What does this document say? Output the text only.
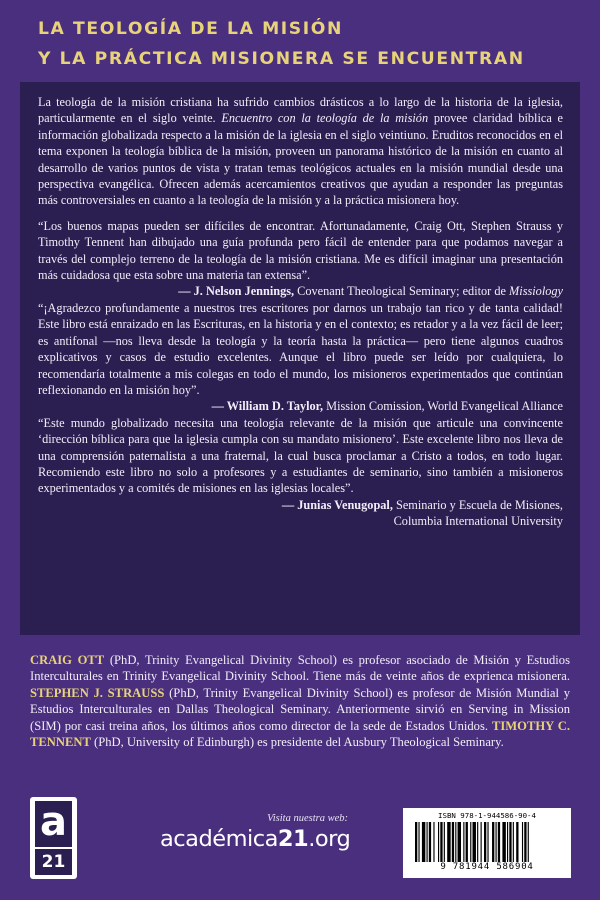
LA TEOLOGÍA DE LA MISIÓN
Y LA PRÁCTICA MISIONERA SE ENCUENTRAN

La teología de la misión cristiana ha sufrido cambios drásticos a lo largo de la historia de la iglesia, particularmente en el siglo veinte. Encuentro con la teología de la misión provee claridad bíblica e información globalizada respecto a la misión de la iglesia en el siglo veintiuno. Eruditos reconocidos en el tema exponen la teología bíblica de la misión, proveen un panorama histórico de la misión en cuanto al desarrollo de varios puntos de vista y tratan temas teológicos actuales en la misión mundial desde una perspectiva evangélica. Ofrecen además acercamientos creativos que ayudan a responder las preguntas más controversiales en cuanto a la teología de la misión y a la práctica misionera hoy.

“Los buenos mapas pueden ser difíciles de encontrar. Afortunadamente, Craig Ott, Stephen Strauss y Timothy Tennent han dibujado una guía profunda pero fácil de entender para que podamos navegar a través del complejo terreno de la teología de la misión cristiana. Me es difícil imaginar una presentación más cuidadosa que esta sobre una materia tan extensa”.

— J. Nelson Jennings, Covenant Theological Seminary; editor de Missiology

“¡Agradezco profundamente a nuestros tres escritores por darnos un trabajo tan rico y de tanta calidad! Este libro está enraizado en las Escrituras, en la historia y en el contexto; es retador y a la vez fácil de leer; es antifonal —nos lleva desde la teología y la teoría hasta la práctica— pero tiene algunos cuadros explicativos y casos de estudio excelentes. Aunque el libro puede ser leído por cualquiera, lo recomendaría totalmente a mis colegas en todo el mundo, los misioneros experimentados que continúan reflexionando en la misión hoy”.

— William D. Taylor, Mission Comission, World Evangelical Alliance

“Este mundo globalizado necesita una teología relevante de la misión que articule una convincente ‘dirección bíblica para que la iglesia cumpla con su mandato misionero’. Este excelente libro nos lleva de una comprensión paternalista a una fraternal, la cual busca proclamar a Cristo a todos, en todo lugar. Recomiendo este libro no solo a profesores y a estudiantes de seminario, sino también a misioneros experimentados y a comités de misiones en las iglesias locales”.

— Junias Venugopal, Seminario y Escuela de Misiones,
Columbia International University

CRAIG OTT (PhD, Trinity Evangelical Divinity School) es profesor asociado de Misión y Estudios Interculturales en Trinity Evangelical Divinity School. Tiene más de veinte años de exprienca misionera. STEPHEN J. STRAUSS (PhD, Trinity Evangelical Divinity School) es profesor de Misión Mundial y Estudios Interculturales en Dallas Theological Seminary. Anteriormente sirvió en Serving in Mission (SIM) por casi treina años, los últimos años como director de la sede de Estados Unidos. TIMOTHY C. TENNENT (PhD, University of Edinburgh) es presidente del Ausbury Theological Seminary.
a
21
Visita nuestra web:
académica21.org
ISBN 978-1-944586-90-4
9 781944 586904
